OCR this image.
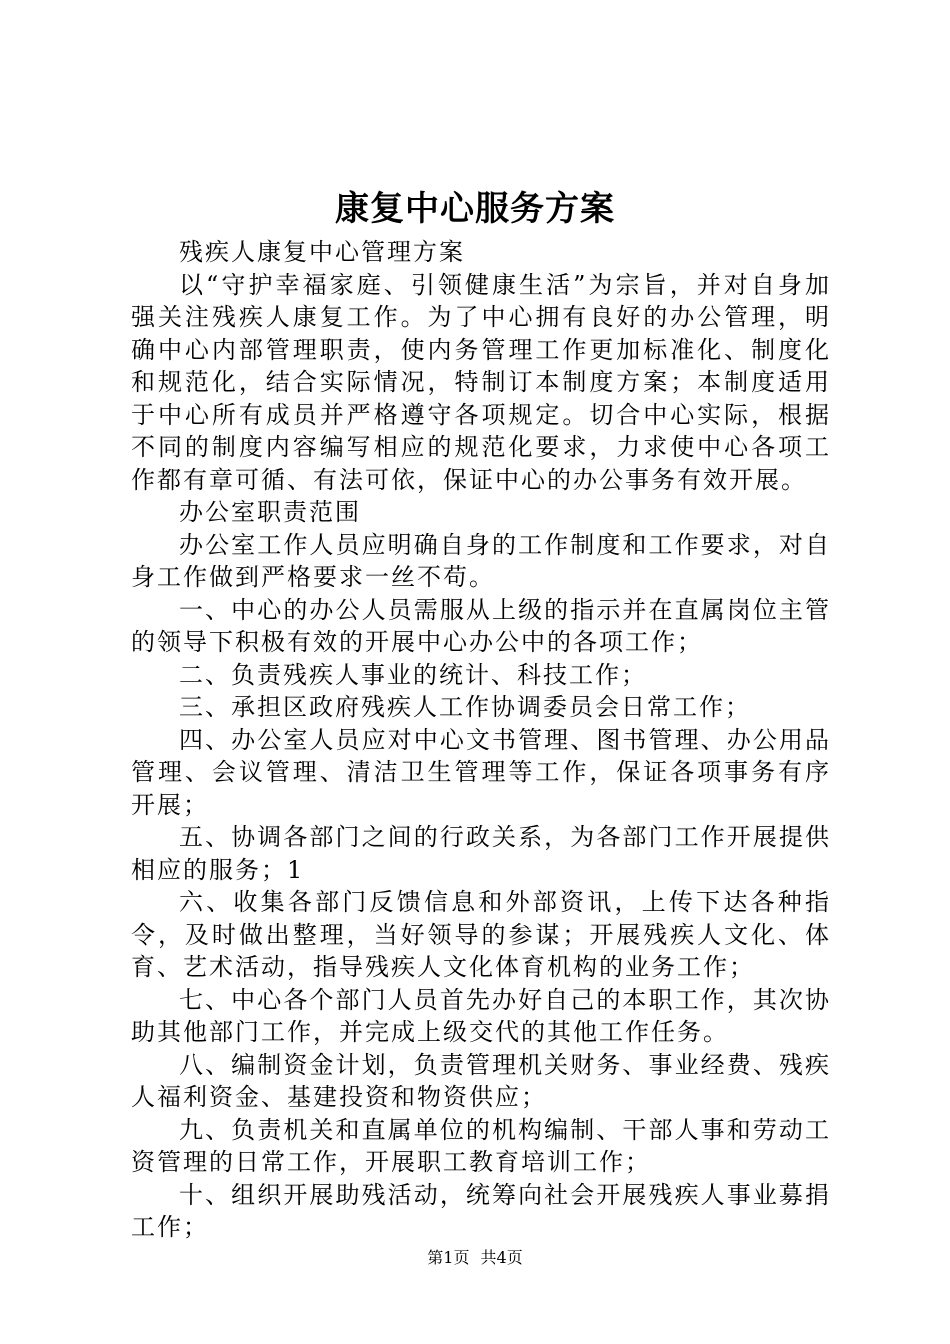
康复中心服务方案

残疾人康复中心管理方案

以“守护幸福家庭、引领健康生活”为宗旨，并对自身加强关注残疾人康复工作。为了中心拥有良好的办公管理，明确中心内部管理职责，使内务管理工作更加标准化、制度化和规范化，结合实际情况，特制订本制度方案；本制度适用于中心所有成员并严格遵守各项规定。切合中心实际，根据不同的制度内容编写相应的规范化要求，力求使中心各项工作都有章可循、有法可依，保证中心的办公事务有效开展。

办公室职责范围

办公室工作人员应明确自身的工作制度和工作要求，对自身工作做到严格要求一丝不苟。

一、中心的办公人员需服从上级的指示并在直属岗位主管的领导下积极有效的开展中心办公中的各项工作；

二、负责残疾人事业的统计、科技工作；

三、承担区政府残疾人工作协调委员会日常工作；

四、办公室人员应对中心文书管理、图书管理、办公用品管理、会议管理、清洁卫生管理等工作，保证各项事务有序开展；

五、协调各部门之间的行政关系，为各部门工作开展提供相应的服务；1

六、收集各部门反馈信息和外部资讯，上传下达各种指令，及时做出整理，当好领导的参谋；开展残疾人文化、体育、艺术活动，指导残疾人文化体育机构的业务工作；

七、中心各个部门人员首先办好自己的本职工作，其次协助其他部门工作，并完成上级交代的其他工作任务。

八、编制资金计划，负责管理机关财务、事业经费、残疾人福利资金、基建投资和物资供应；

九、负责机关和直属单位的机构编制、干部人事和劳动工资管理的日常工作，开展职工教育培训工作；

十、组织开展助残活动，统筹向社会开展残疾人事业募捐工作；

第1页 共4页
